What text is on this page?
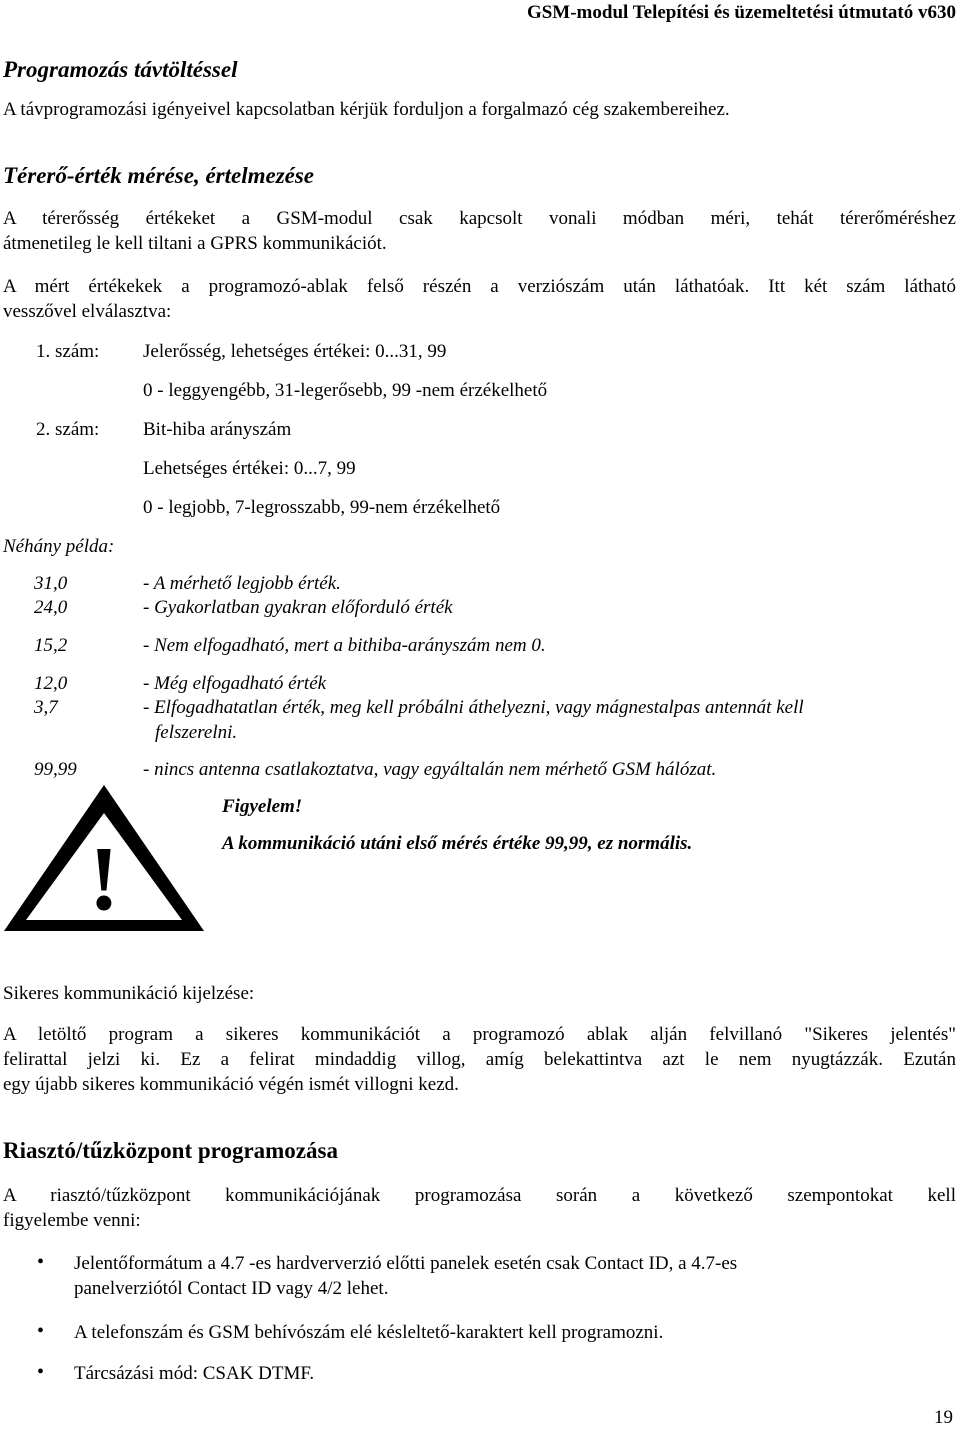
GSM-modul Telepítési és üzemeltetési útmutató v630
Programozás távtöltéssel
A távprogramozási igényeivel kapcsolatban kérjük forduljon a forgalmazó cég szakembereihez.
Térerő-érték mérése, értelmezése
A térerősség értékeket a GSM-modul csak kapcsolt vonali módban méri, tehát térerőméréshez
átmenetileg le kell tiltani a GPRS kommunikációt.
A mért értékekek a programozó-ablak felső részén a verziószám után láthatóak. Itt két szám látható
vesszővel elválasztva:
1. szám: Jelerősség, lehetséges értékei: 0...31, 99
0 - leggyengébb, 31-legerősebb, 99 -nem érzékelhető
2. szám: Bit-hiba arányszám
Lehetséges értékei: 0...7, 99
0 - legjobb, 7-legrosszabb, 99-nem érzékelhető
Néhány példa:
31,0	- A mérhető legjobb érték.
24,0	- Gyakorlatban gyakran előforduló érték
15,2	- Nem elfogadható, mert a bithiba-arányszám nem 0.
12,0	- Még elfogadható érték
3,7	- Elfogadhatatlan érték, meg kell próbálni áthelyezni, vagy mágnestalpas antennát kell
felszerelni.
99,99	- nincs antenna csatlakoztatva, vagy egyáltalán nem mérhető GSM hálózat.
!
Figyelem!
A kommunikáció utáni első mérés értéke 99,99, ez normális.
Sikeres kommunikáció kijelzése:
A letöltő program a sikeres kommunikációt a programozó ablak alján felvillanó "Sikeres jelentés"
felirattal jelzi ki. Ez a felirat mindaddig villog, amíg belekattintva azt le nem nyugtázzák. Ezután
egy újabb sikeres kommunikáció végén ismét villogni kezd.
Riasztó/tűzközpont programozása
A riasztó/tűzközpont kommunikációjának programozása során a következő szempontokat kell
figyelembe venni:
• Jelentőformátum a 4.7 -es hardververzió előtti panelek esetén csak Contact ID, a 4.7-es
panelverziótól Contact ID vagy 4/2 lehet.
• A telefonszám és GSM behívószám elé késleltető-karaktert kell programozni.
• Tárcsázási mód: CSAK DTMF.
19
